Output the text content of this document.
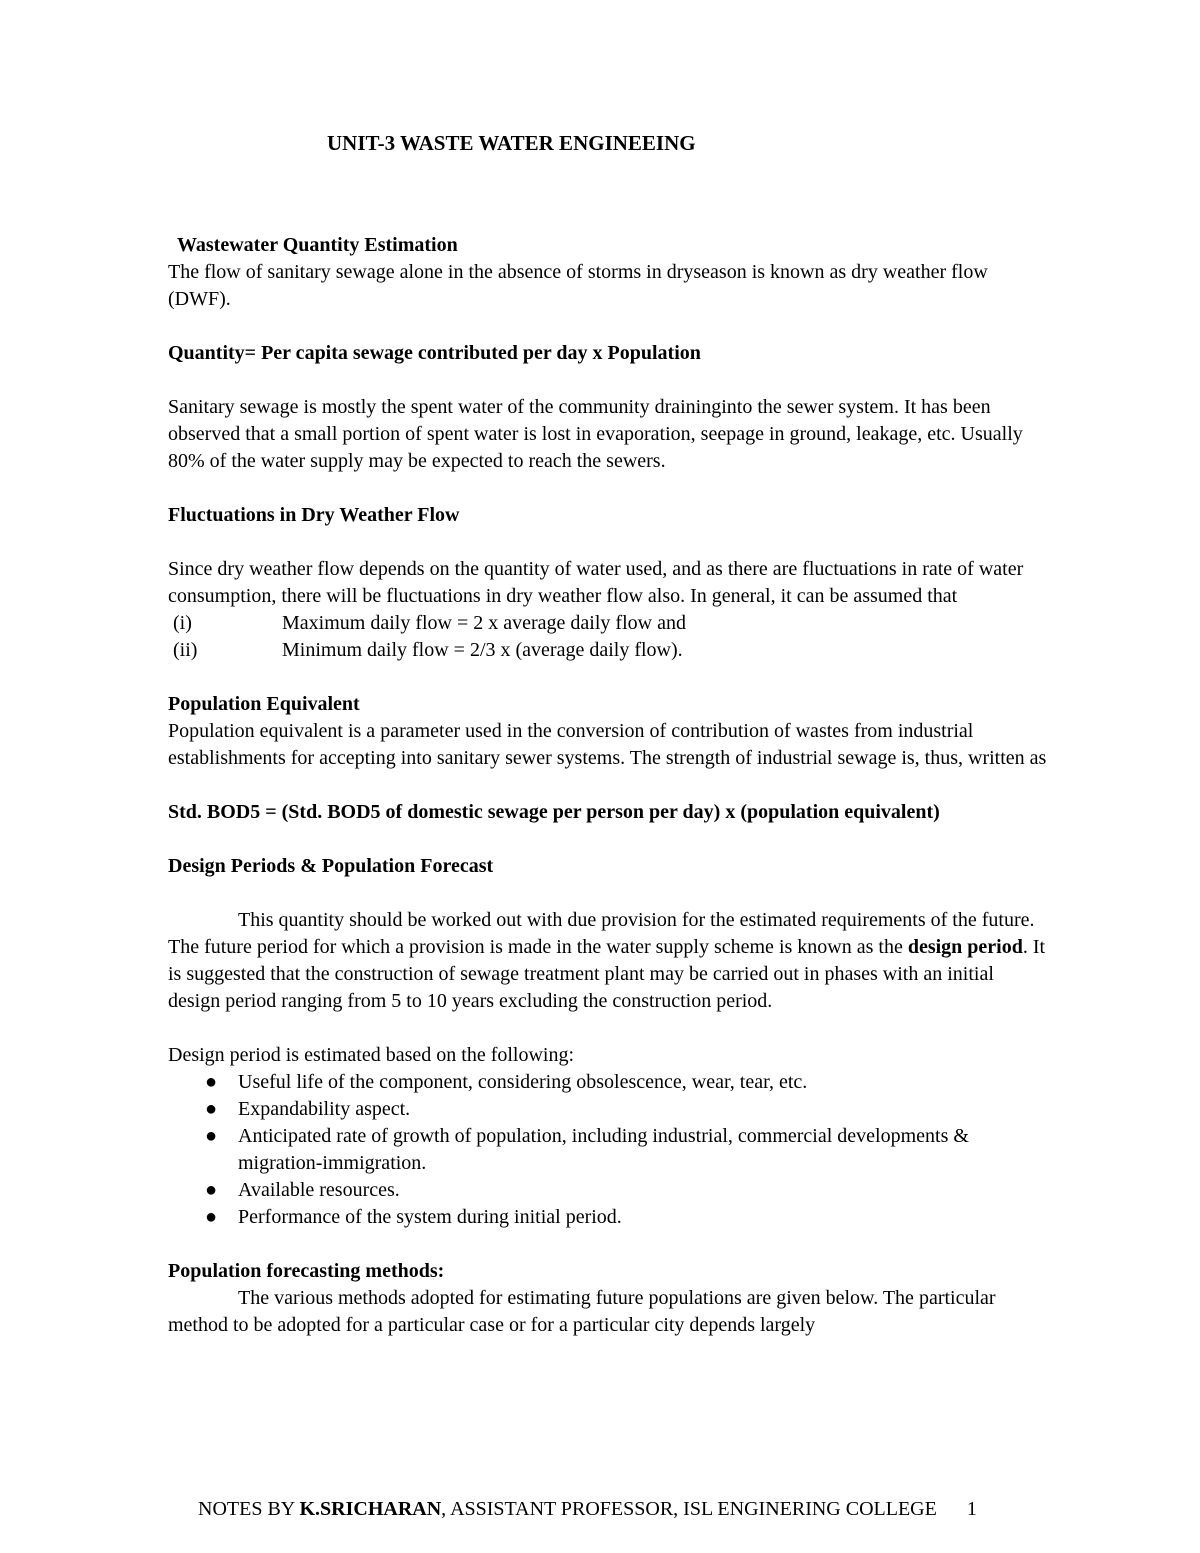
UNIT-3 WASTE WATER ENGINEEING

Wastewater Quantity Estimation

The flow of sanitary sewage alone in the absence of storms in dryseason is known as dry weather flow (DWF).

Quantity= Per capita sewage contributed per day x Population

Sanitary sewage is mostly the spent water of the community draininginto the sewer system. It has been observed that a small portion of spent water is lost in evaporation, seepage in ground, leakage, etc. Usually 80% of the water supply may be expected to reach the sewers.

Fluctuations in Dry Weather Flow

Since dry weather flow depends on the quantity of water used, and as there are fluctuations in rate of water consumption, there will be fluctuations in dry weather flow also. In general, it can be assumed that

(i)	Maximum daily flow = 2 x average daily flow and
(ii)	Minimum daily flow = 2/3 x (average daily flow).

Population Equivalent

Population equivalent is a parameter used in the conversion of contribution of wastes from industrial establishments for accepting into sanitary sewer systems. The strength of industrial sewage is, thus, written as

Std. BOD5 = (Std. BOD5 of domestic sewage per person per day) x (population equivalent)

Design Periods & Population Forecast

This quantity should be worked out with due provision for the estimated requirements of the future. The future period for which a provision is made in the water supply scheme is known as the design period. It is suggested that the construction of sewage treatment plant may be carried out in phases with an initial design period ranging from 5 to 10 years excluding the construction period.

Design period is estimated based on the following:

● Useful life of the component, considering obsolescence, wear, tear, etc.
● Expandability aspect.
● Anticipated rate of growth of population, including industrial, commercial developments & migration-immigration.
● Available resources.
● Performance of the system during initial period.

Population forecasting methods:

The various methods adopted for estimating future populations are given below. The particular method to be adopted for a particular case or for a particular city depends largely

NOTES BY K.SRICHARAN, ASSISTANT PROFESSOR, ISL ENGINERING COLLEGE 1
